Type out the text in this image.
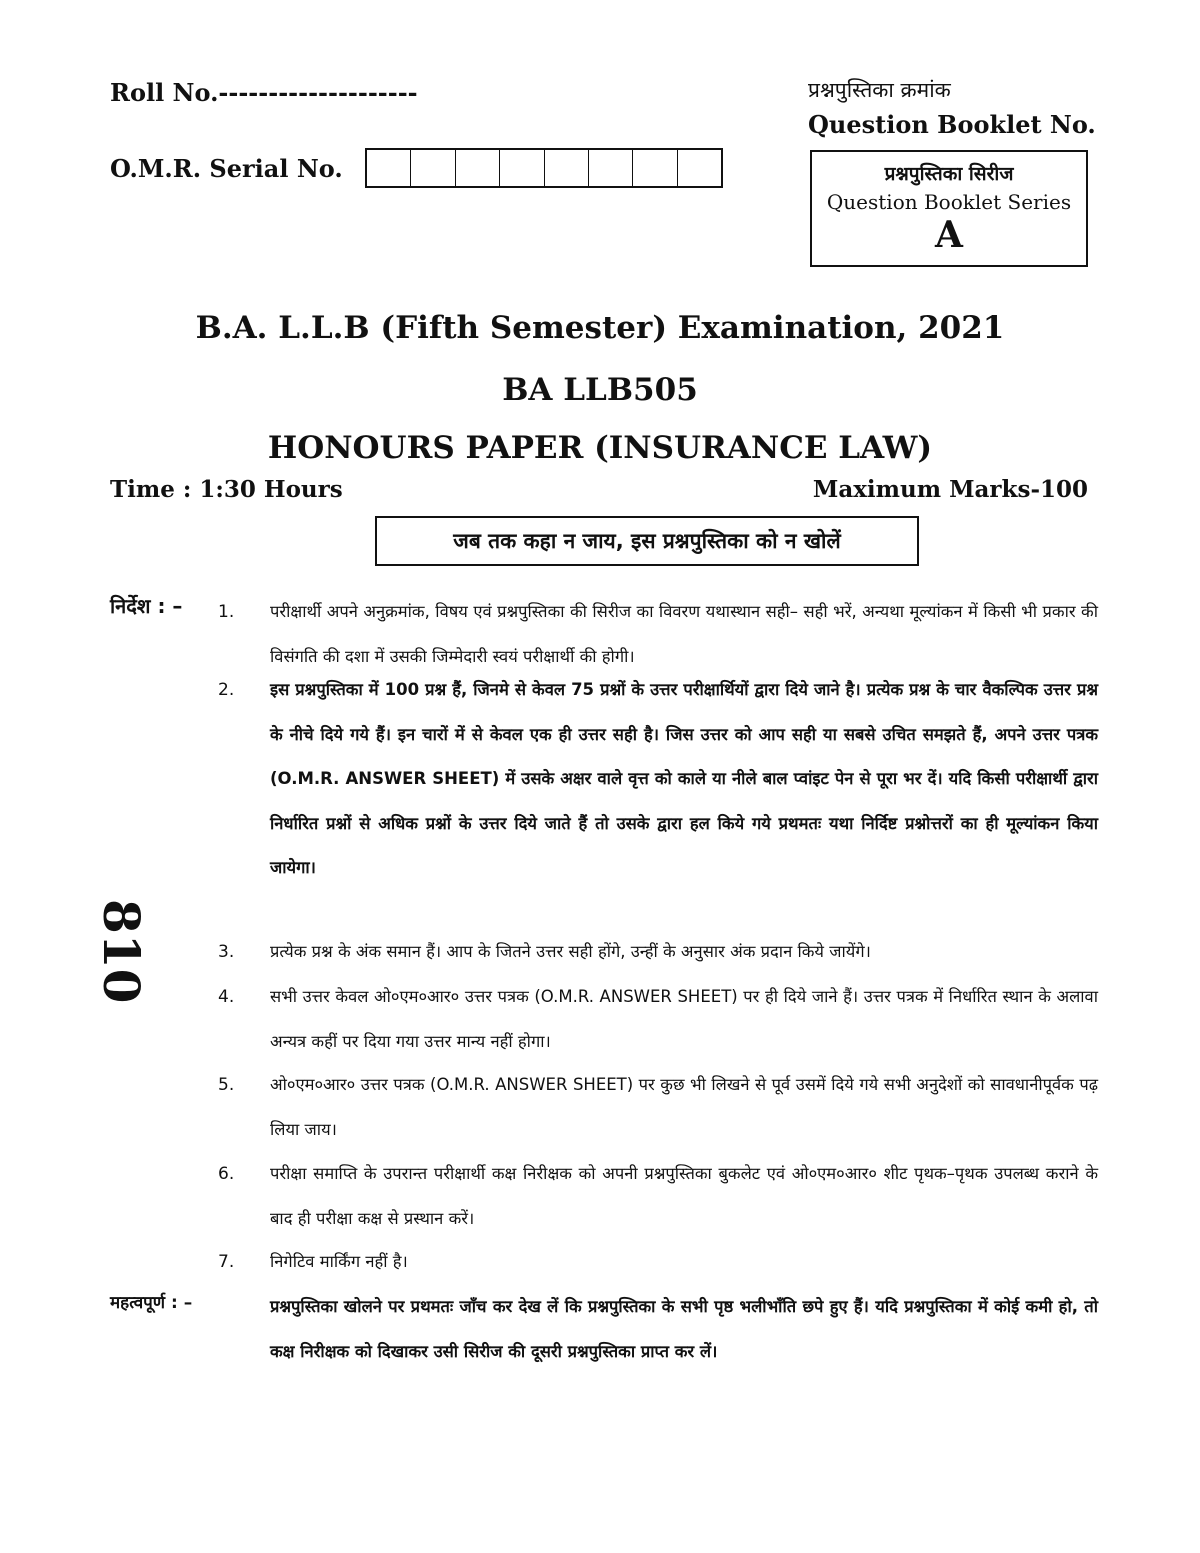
Roll No.--------------------
O.M.R. Serial No.
प्रश्नपुस्तिका क्रमांक
Question Booklet No.
प्रश्नपुस्तिका सिरीज
Question Booklet Series
A
B.A. L.L.B (Fifth Semester) Examination, 2021
BA LLB505
HONOURS PAPER (INSURANCE LAW)
Time : 1:30 Hours	Maximum Marks-100
जब तक कहा न जाय, इस प्रश्नपुस्तिका को न खोलें
810
निर्देश : – 1.	परीक्षार्थी अपने अनुक्रमांक, विषय एवं प्रश्नपुस्तिका की सिरीज का विवरण यथास्थान सही– सही भरें, अन्यथा मूल्यांकन में किसी भी प्रकार की विसंगति की दशा में उसकी जिम्मेदारी स्वयं परीक्षार्थी की होगी।
2.	इस प्रश्नपुस्तिका में 100 प्रश्न हैं, जिनमे से केवल 75 प्रश्नों के उत्तर परीक्षार्थियों द्वारा दिये जाने है। प्रत्येक प्रश्न के चार वैकल्पिक उत्तर प्रश्न के नीचे दिये गये हैं। इन चारों में से केवल एक ही उत्तर सही है। जिस उत्तर को आप सही या सबसे उचित समझते हैं, अपने उत्तर पत्रक (O.M.R. ANSWER SHEET) में उसके अक्षर वाले वृत्त को काले या नीले बाल प्वांइट पेन से पूरा भर दें। यदि किसी परीक्षार्थी द्वारा निर्धारित प्रश्नों से अधिक प्रश्नों के उत्तर दिये जाते हैं तो उसके द्वारा हल किये गये प्रथमतः यथा निर्दिष्ट प्रश्नोत्तरों का ही मूल्यांकन किया जायेगा।
3.	प्रत्येक प्रश्न के अंक समान हैं। आप के जितने उत्तर सही होंगे, उन्हीं के अनुसार अंक प्रदान किये जायेंगे।
4.	सभी उत्तर केवल ओ०एम०आर० उत्तर पत्रक (O.M.R. ANSWER SHEET) पर ही दिये जाने हैं। उत्तर पत्रक में निर्धारित स्थान के अलावा अन्यत्र कहीं पर दिया गया उत्तर मान्य नहीं होगा।
5.	ओ०एम०आर० उत्तर पत्रक (O.M.R. ANSWER SHEET) पर कुछ भी लिखने से पूर्व उसमें दिये गये सभी अनुदेशों को सावधानीपूर्वक पढ़ लिया जाय।
6.	परीक्षा समाप्ति के उपरान्त परीक्षार्थी कक्ष निरीक्षक को अपनी प्रश्नपुस्तिका बुकलेट एवं ओ०एम०आर० शीट पृथक–पृथक उपलब्ध कराने के बाद ही परीक्षा कक्ष से प्रस्थान करें।
7.	निगेटिव मार्किंग नहीं है।
महत्वपूर्ण : –	प्रश्नपुस्तिका खोलने पर प्रथमतः जाँच कर देख लें कि प्रश्नपुस्तिका के सभी पृष्ठ भलीभाँति छपे हुए हैं। यदि प्रश्नपुस्तिका में कोई कमी हो, तो कक्ष निरीक्षक को दिखाकर उसी सिरीज की दूसरी प्रश्नपुस्तिका प्राप्त कर लें।
